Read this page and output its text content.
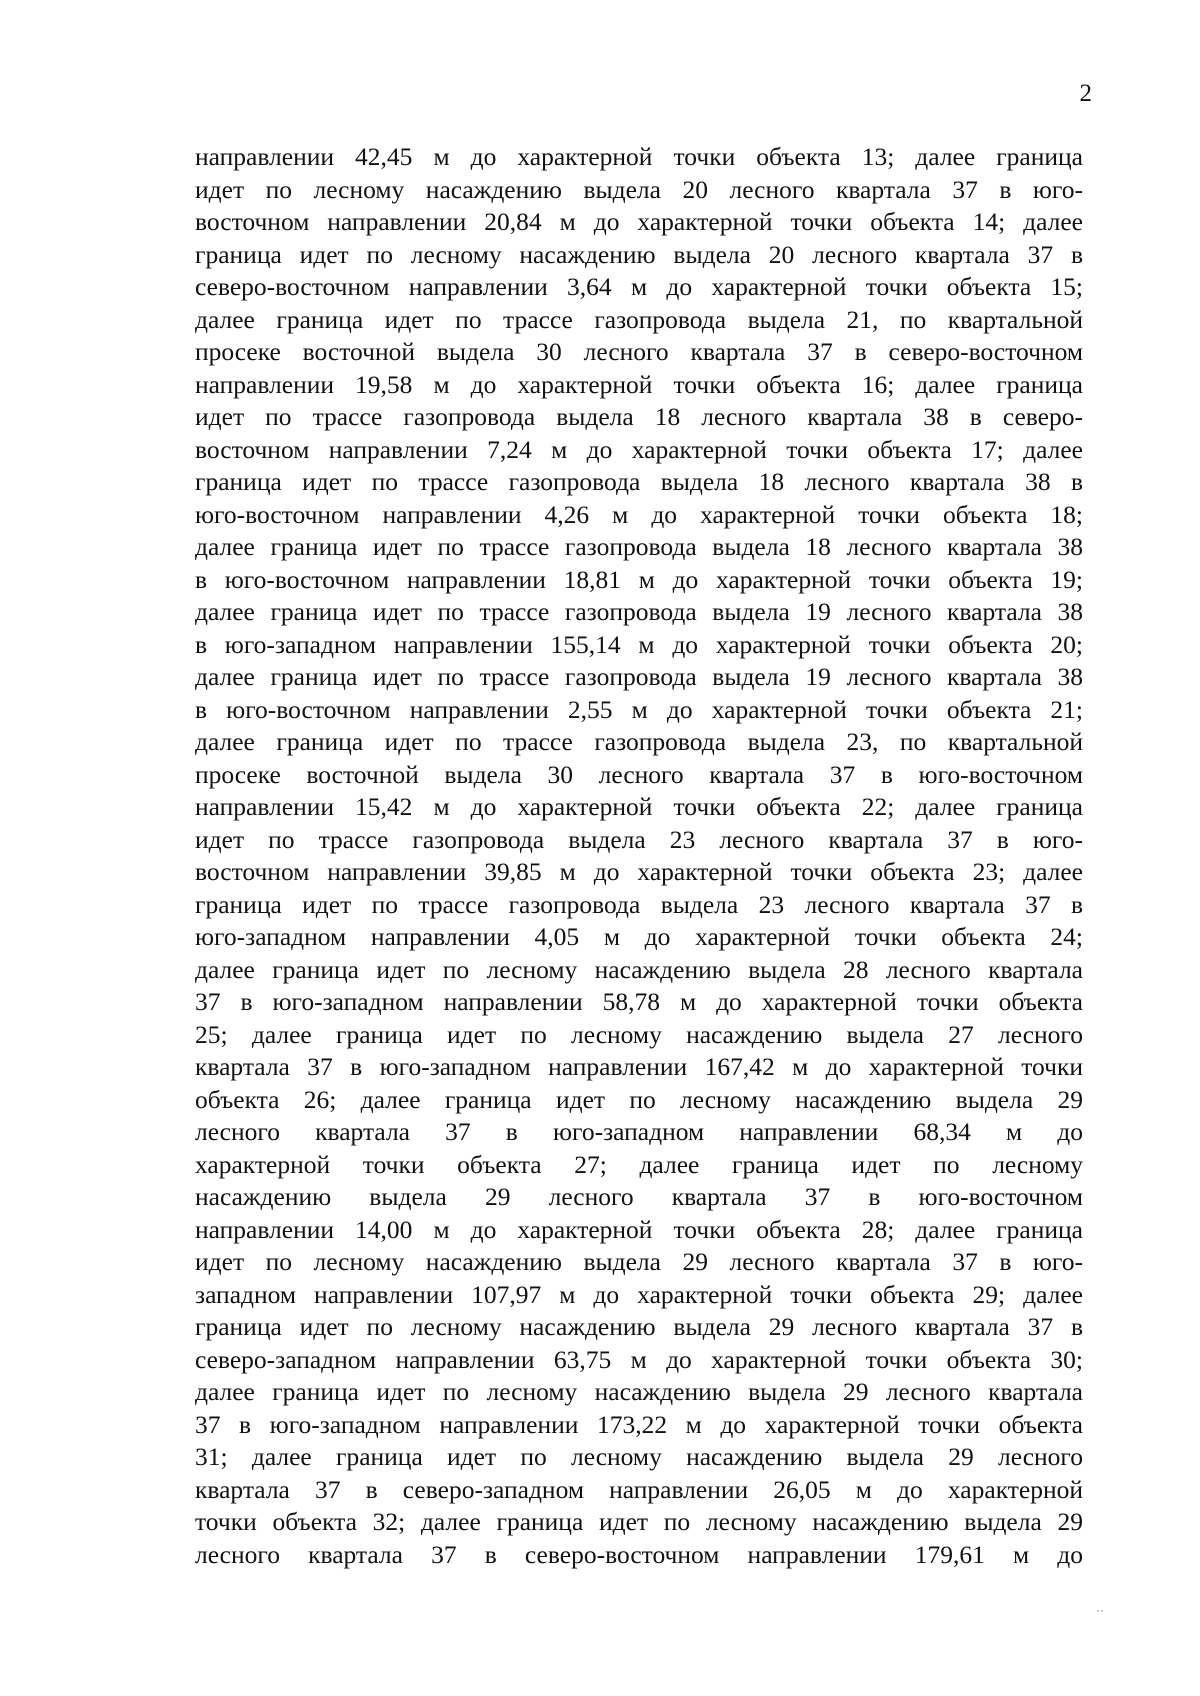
2
направлении 42,45 м до характерной точки объекта 13; далее граница
идет по лесному насаждению выдела 20 лесного квартала 37 в юго-
восточном направлении 20,84 м до характерной точки объекта 14; далее
граница идет по лесному насаждению выдела 20 лесного квартала 37 в
северо-восточном направлении 3,64 м до характерной точки объекта 15;
далее граница идет по трассе газопровода выдела 21, по квартальной
просеке восточной выдела 30 лесного квартала 37 в северо-восточном
направлении 19,58 м до характерной точки объекта 16; далее граница
идет по трассе газопровода выдела 18 лесного квартала 38 в северо-
восточном направлении 7,24 м до характерной точки объекта 17; далее
граница идет по трассе газопровода выдела 18 лесного квартала 38 в
юго-восточном направлении 4,26 м до характерной точки объекта 18;
далее граница идет по трассе газопровода выдела 18 лесного квартала 38
в юго-восточном направлении 18,81 м до характерной точки объекта 19;
далее граница идет по трассе газопровода выдела 19 лесного квартала 38
в юго-западном направлении 155,14 м до характерной точки объекта 20;
далее граница идет по трассе газопровода выдела 19 лесного квартала 38
в юго-восточном направлении 2,55 м до характерной точки объекта 21;
далее граница идет по трассе газопровода выдела 23, по квартальной
просеке восточной выдела 30 лесного квартала 37 в юго-восточном
направлении 15,42 м до характерной точки объекта 22; далее граница
идет по трассе газопровода выдела 23 лесного квартала 37 в юго-
восточном направлении 39,85 м до характерной точки объекта 23; далее
граница идет по трассе газопровода выдела 23 лесного квартала 37 в
юго-западном направлении 4,05 м до характерной точки объекта 24;
далее граница идет по лесному насаждению выдела 28 лесного квартала
37 в юго-западном направлении 58,78 м до характерной точки объекта
25; далее граница идет по лесному насаждению выдела 27 лесного
квартала 37 в юго-западном направлении 167,42 м до характерной точки
объекта 26; далее граница идет по лесному насаждению выдела 29
лесного квартала 37 в юго-западном направлении 68,34 м до
характерной точки объекта 27; далее граница идет по лесному
насаждению выдела 29 лесного квартала 37 в юго-восточном
направлении 14,00 м до характерной точки объекта 28; далее граница
идет по лесному насаждению выдела 29 лесного квартала 37 в юго-
западном направлении 107,97 м до характерной точки объекта 29; далее
граница идет по лесному насаждению выдела 29 лесного квартала 37 в
северо-западном направлении 63,75 м до характерной точки объекта 30;
далее граница идет по лесному насаждению выдела 29 лесного квартала
37 в юго-западном направлении 173,22 м до характерной точки объекта
31; далее граница идет по лесному насаждению выдела 29 лесного
квартала 37 в северо-западном направлении 26,05 м до характерной
точки объекта 32; далее граница идет по лесному насаждению выдела 29
лесного квартала 37 в северо-восточном направлении 179,61 м до
˙˙
